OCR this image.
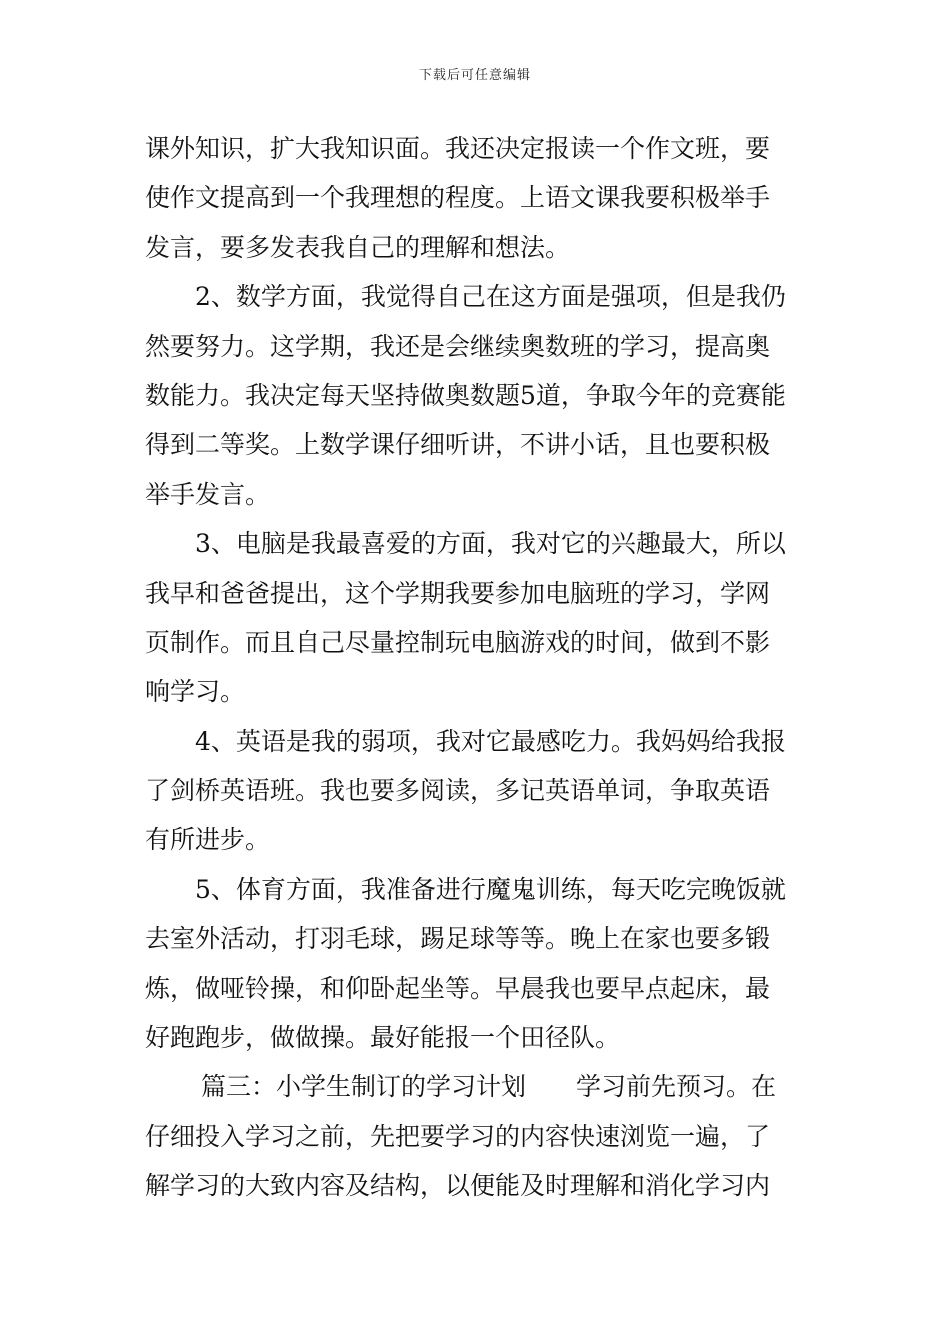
下载后可任意编辑
课外知识，扩大我知识面。我还决定报读一个作文班，要
使作文提高到一个我理想的程度。上语文课我要积极举手
发言，要多发表我自己的理解和想法。
2、数学方面，我觉得自己在这方面是强项，但是我仍
然要努力。这学期，我还是会继续奥数班的学习，提高奥
数能力。我决定每天坚持做奥数题5道，争取今年的竞赛能
得到二等奖。上数学课仔细听讲，不讲小话，且也要积极
举手发言。
3、电脑是我最喜爱的方面，我对它的兴趣最大，所以
我早和爸爸提出，这个学期我要参加电脑班的学习，学网
页制作。而且自己尽量控制玩电脑游戏的时间，做到不影
响学习。
4、英语是我的弱项，我对它最感吃力。我妈妈给我报
了剑桥英语班。我也要多阅读，多记英语单词，争取英语
有所进步。
5、体育方面，我准备进行魔鬼训练，每天吃完晚饭就
去室外活动，打羽毛球，踢足球等等。晚上在家也要多锻
炼，做哑铃操，和仰卧起坐等。早晨我也要早点起床，最
好跑跑步，做做操。最好能报一个田径队。
篇三：小学生制订的学习计划　　学习前先预习。在
仔细投入学习之前，先把要学习的内容快速浏览一遍，了
解学习的大致内容及结构，以便能及时理解和消化学习内
